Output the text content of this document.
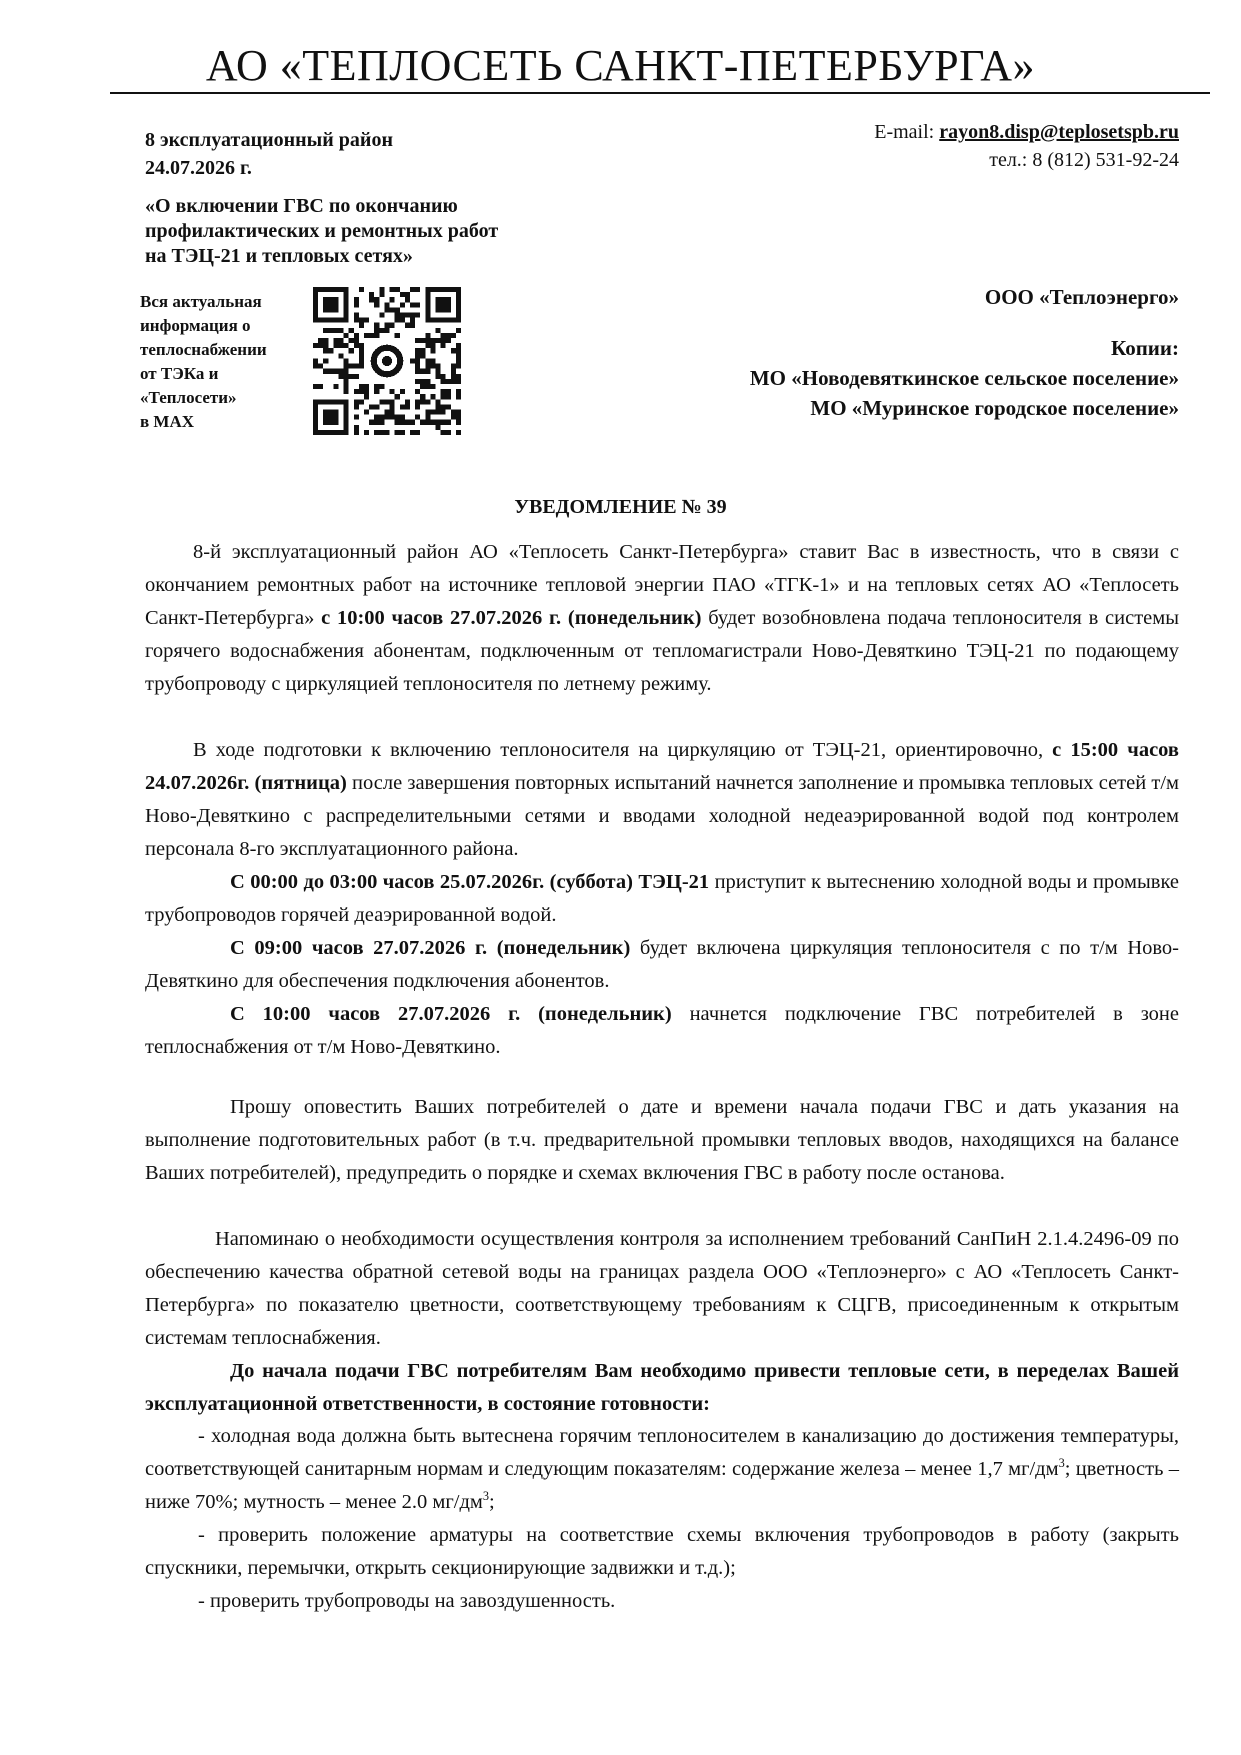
АО «ТЕПЛОСЕТЬ САНКТ-ПЕТЕРБУРГА»
8 эксплуатационный район
24.07.2026 г.
E-mail: rayon8.disp@teplosetspb.ru
тел.: 8 (812) 531-92-24
«О включении ГВС по окончанию
профилактических и ремонтных работ
на ТЭЦ-21 и тепловых сетях»
Вся актуальная
информация о
теплоснабжении
от ТЭКа и
«Теплосети»
в MAX
ООО «Теплоэнерго»
Копии:
МО «Новодевяткинское сельское поселение»
МО «Муринское городское поселение»
УВЕДОМЛЕНИЕ № 39

8-й эксплуатационный район АО «Теплосеть Санкт-Петербурга» ставит Вас в известность, что в связи с окончанием ремонтных работ на источнике тепловой энергии ПАО «ТГК-1» и на тепловых сетях АО «Теплосеть Санкт-Петербурга» с 10:00 часов 27.07.2026 г. (понедельник) будет возобновлена подача теплоносителя в системы горячего водоснабжения абонентам, подключенным от тепломагистрали Ново-Девяткино ТЭЦ-21 по подающему трубопроводу с циркуляцией теплоносителя по летнему режиму.

В ходе подготовки к включению теплоносителя на циркуляцию от ТЭЦ-21, ориентировочно, с 15:00 часов 24.07.2026г. (пятница) после завершения повторных испытаний начнется заполнение и промывка тепловых сетей т/м Ново-Девяткино с распределительными сетями и вводами холодной недеаэрированной водой под контролем персонала 8-го эксплуатационного района.

С 00:00 до 03:00 часов 25.07.2026г. (суббота) ТЭЦ-21 приступит к вытеснению холодной воды и промывке трубопроводов горячей деаэрированной водой.

С 09:00 часов 27.07.2026 г. (понедельник) будет включена циркуляция теплоносителя с по т/м Ново-Девяткино для обеспечения подключения абонентов.

С 10:00 часов 27.07.2026 г. (понедельник) начнется подключение ГВС потребителей в зоне теплоснабжения от т/м Ново-Девяткино.

Прошу оповестить Ваших потребителей о дате и времени начала подачи ГВС и дать указания на выполнение подготовительных работ (в т.ч. предварительной промывки тепловых вводов, находящихся на балансе Ваших потребителей), предупредить о порядке и схемах включения ГВС в работу после останова.

Напоминаю о необходимости осуществления контроля за исполнением требований СанПиН 2.1.4.2496-09 по обеспечению качества обратной сетевой воды на границах раздела ООО «Теплоэнерго» с АО «Теплосеть Санкт-Петербурга» по показателю цветности, соответствующему требованиям к СЦГВ, присоединенным к открытым системам теплоснабжения.

До начала подачи ГВС потребителям Вам необходимо привести тепловые сети, в переделах Вашей эксплуатационной ответственности, в состояние готовности:

- холодная вода должна быть вытеснена горячим теплоносителем в канализацию до достижения температуры, соответствующей санитарным нормам и следующим показателям: содержание железа – менее 1,7 $мг/дм^3$; цветность – ниже 70%; мутность – менее 2.0 $мг/дм^3$;
- проверить положение арматуры на соответствие схемы включения трубопроводов в работу (закрыть спускники, перемычки, открыть секционирующие задвижки и т.д.);
- проверить трубопроводы на завоздушенность.
